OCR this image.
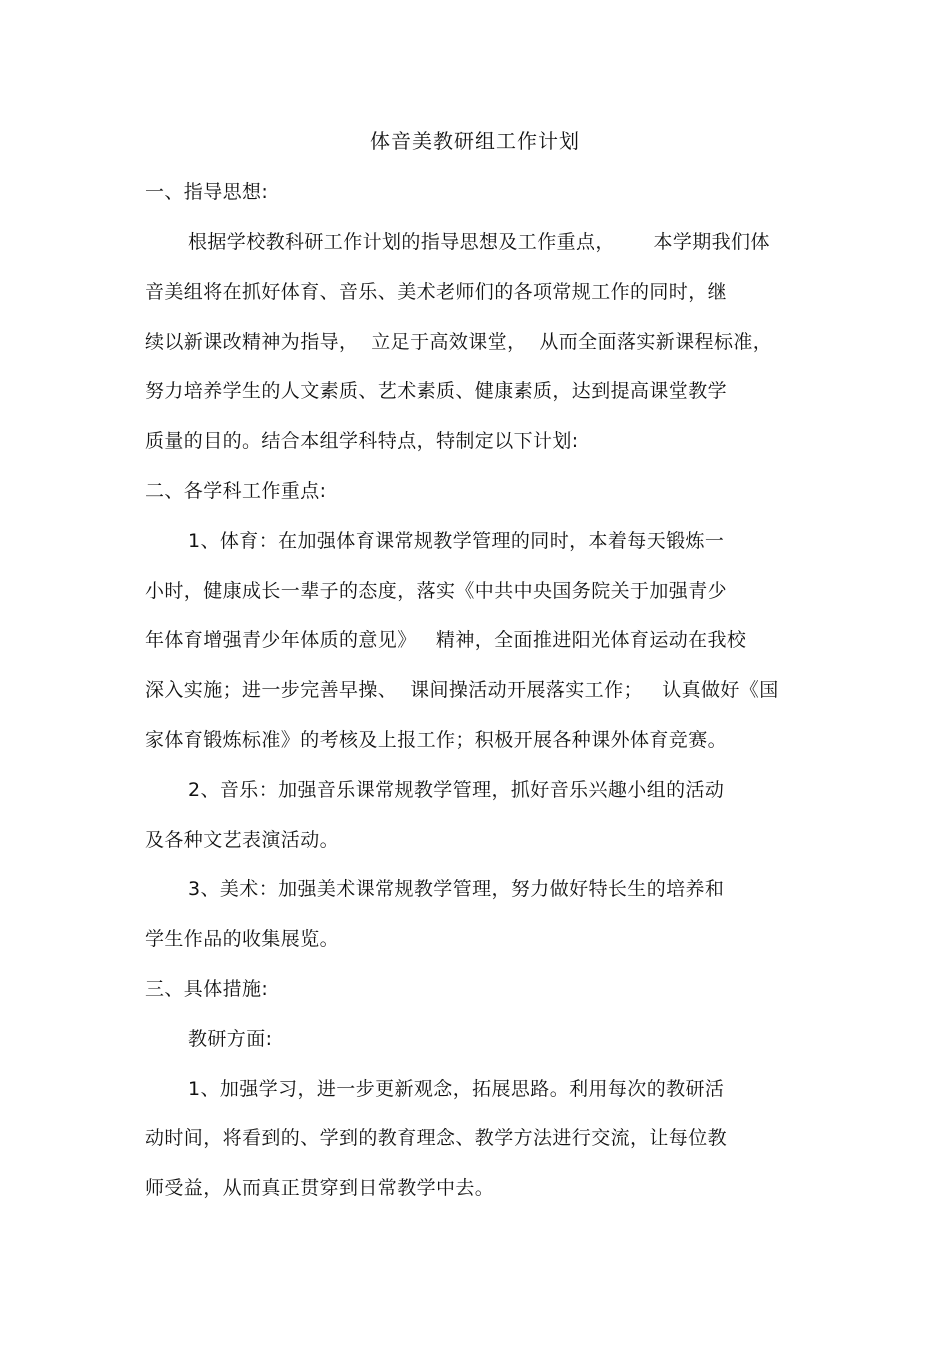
体音美教研组工作计划
一、指导思想:
根据学校教科研工作计划的指导思想及工作重点，      本学期我们体
音美组将在抓好体育、音乐、美术老师们的各项常规工作的同时，继
续以新课改精神为指导，  立足于高效课堂，  从而全面落实新课程标准，
努力培养学生的人文素质、艺术素质、健康素质，达到提高课堂教学
质量的目的。结合本组学科特点，特制定以下计划:
二、各学科工作重点:
1、体育：在加强体育课常规教学管理的同时，本着每天锻炼一
小时，健康成长一辈子的态度，落实《中共中央国务院关于加强青少
年体育增强青少年体质的意见》   精神，全面推进阳光体育运动在我校
深入实施；进一步完善早操、  课间操活动开展落实工作；   认真做好《国
家体育锻炼标准》的考核及上报工作；积极开展各种课外体育竞赛。
2、音乐：加强音乐课常规教学管理，抓好音乐兴趣小组的活动
及各种文艺表演活动。
3、美术：加强美术课常规教学管理，努力做好特长生的培养和
学生作品的收集展览。
三、具体措施:
教研方面:
1、加强学习，进一步更新观念，拓展思路。利用每次的教研活
动时间，将看到的、学到的教育理念、教学方法进行交流，让每位教
师受益，从而真正贯穿到日常教学中去。
